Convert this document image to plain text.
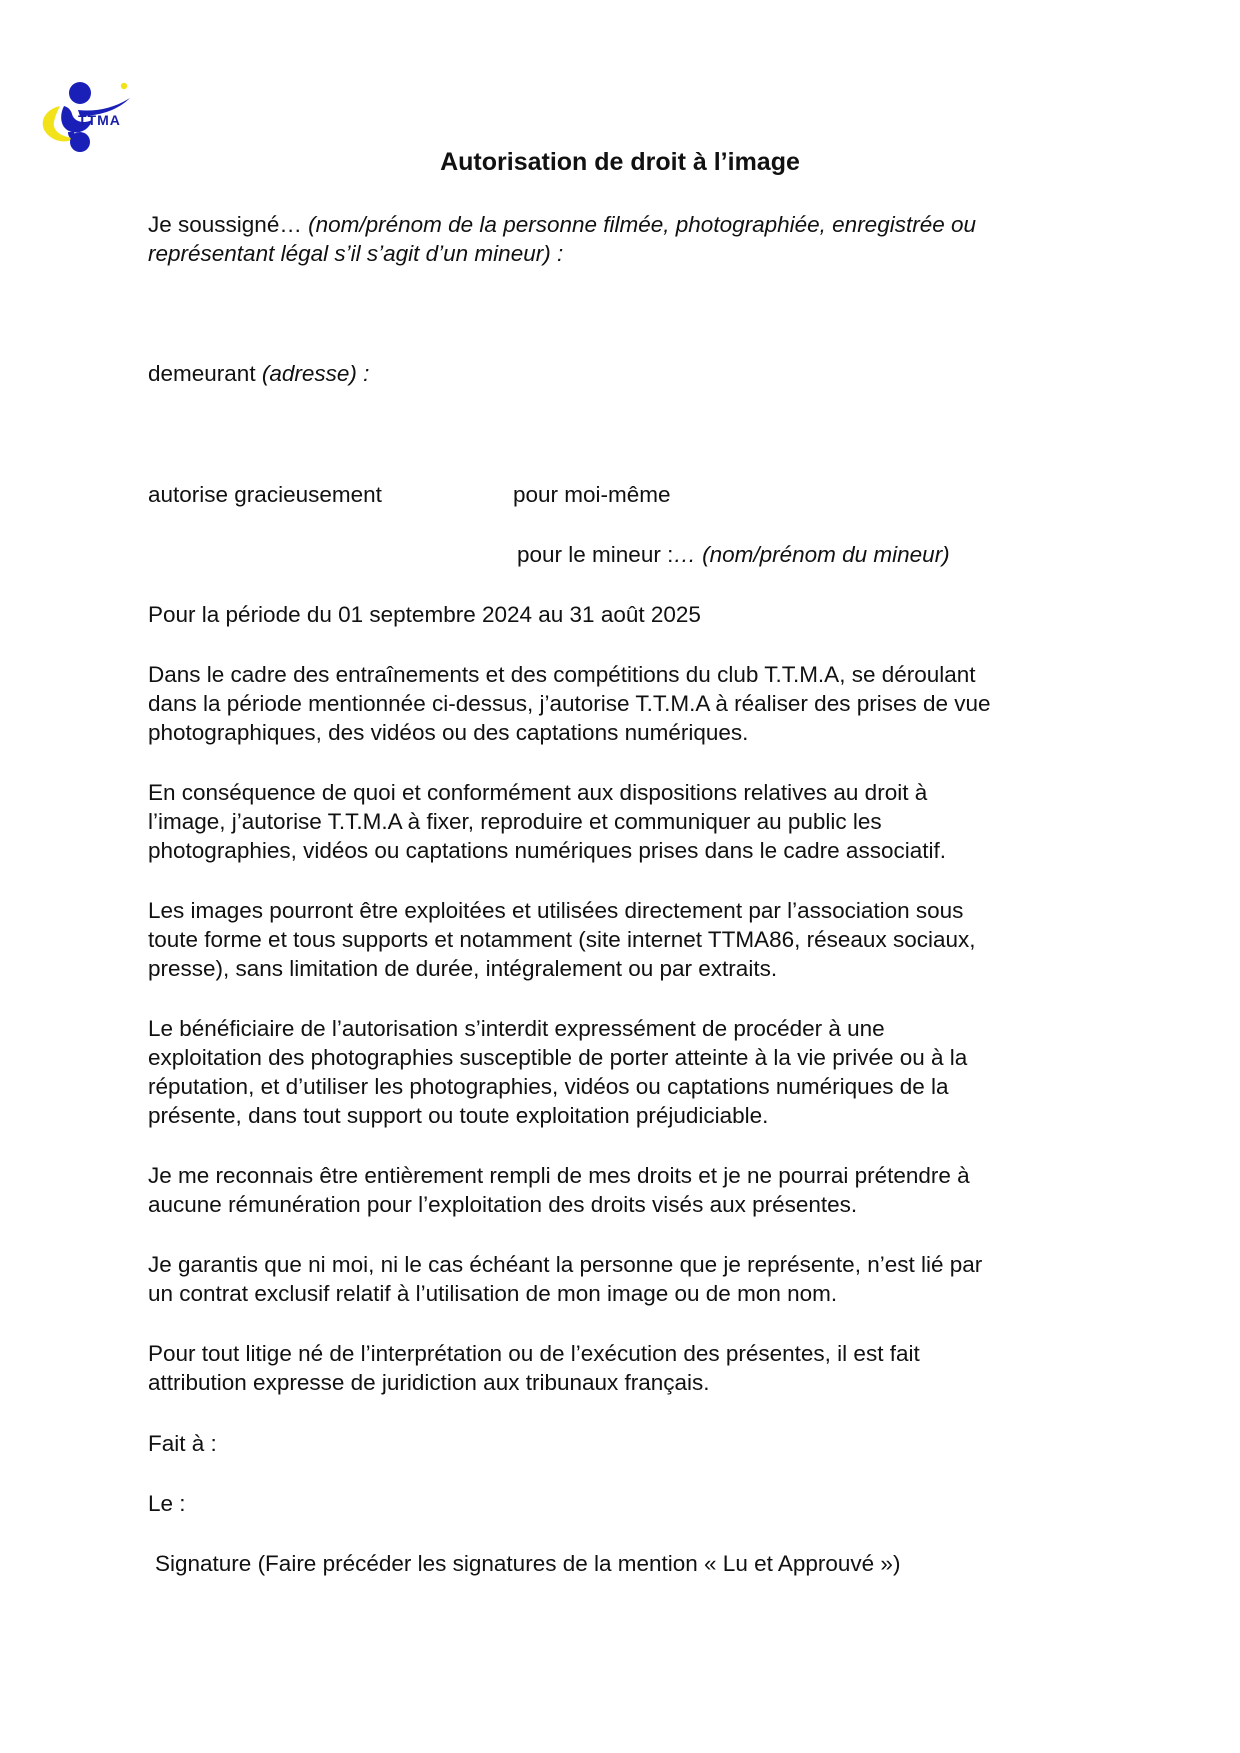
TTMA
Autorisation de droit à l’image

Je soussigné… (nom/prénom de la personne filmée, photographiée, enregistrée ou

représentant légal s’il s’agit d’un mineur) :

demeurant (adresse) :

autorise gracieusement	pour moi-même

pour le mineur :… (nom/prénom du mineur)

Pour la période du 01 septembre 2024 au 31 août 2025

Dans le cadre des entraînements et des compétitions du club T.T.M.A, se déroulant

dans la période mentionnée ci-dessus, j’autorise T.T.M.A à réaliser des prises de vue

photographiques, des vidéos ou des captations numériques.

En conséquence de quoi et conformément aux dispositions relatives au droit à

l’image, j’autorise T.T.M.A à fixer, reproduire et communiquer au public les

photographies, vidéos ou captations numériques prises dans le cadre associatif.

Les images pourront être exploitées et utilisées directement par l’association sous

toute forme et tous supports et notamment (site internet TTMA86, réseaux sociaux,

presse), sans limitation de durée, intégralement ou par extraits.

Le bénéficiaire de l’autorisation s’interdit expressément de procéder à une

exploitation des photographies susceptible de porter atteinte à la vie privée ou à la

réputation, et d’utiliser les photographies, vidéos ou captations numériques de la

présente, dans tout support ou toute exploitation préjudiciable.

Je me reconnais être entièrement rempli de mes droits et je ne pourrai prétendre à

aucune rémunération pour l’exploitation des droits visés aux présentes.

Je garantis que ni moi, ni le cas échéant la personne que je représente, n’est lié par

un contrat exclusif relatif à l’utilisation de mon image ou de mon nom.

Pour tout litige né de l’interprétation ou de l’exécution des présentes, il est fait

attribution expresse de juridiction aux tribunaux français.

Fait à :

Le :

Signature (Faire précéder les signatures de la mention « Lu et Approuvé »)
